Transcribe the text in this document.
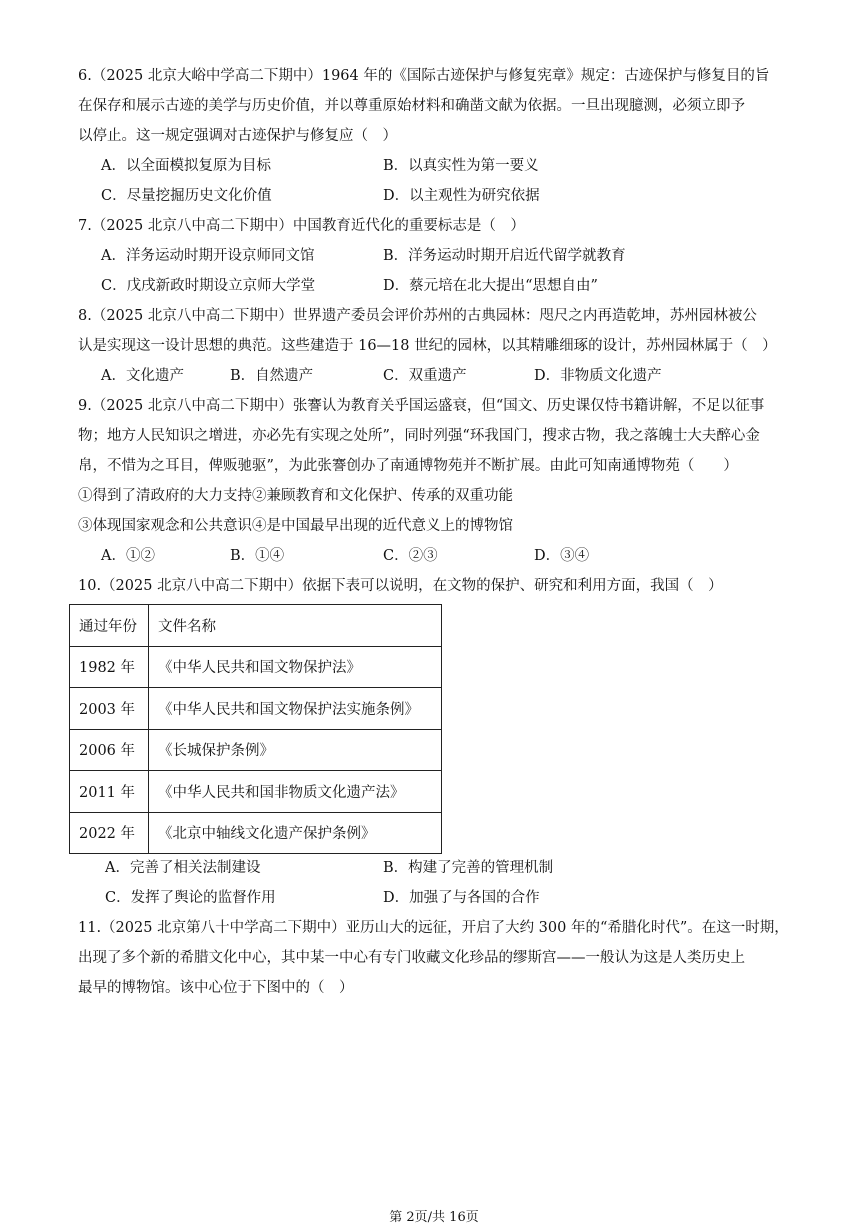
6.（2025 北京大峪中学高二下期中）1964 年的《国际古迹保护与修复宪章》规定：古迹保护与修复目的旨
在保存和展示古迹的美学与历史价值，并以尊重原始材料和确凿文献为依据。一旦出现臆测，必须立即予
以停止。这一规定强调对古迹保护与修复应（　）
A．以全面模拟复原为目标	B．以真实性为第一要义
C．尽量挖掘历史文化价值	D．以主观性为研究依据
7.（2025 北京八中高二下期中）中国教育近代化的重要标志是（　）
A．洋务运动时期开设京师同文馆	B．洋务运动时期开启近代留学就教育
C．戊戌新政时期设立京师大学堂	D．蔡元培在北大提出“思想自由”
8.（2025 北京八中高二下期中）世界遗产委员会评价苏州的古典园林：咫尺之内再造乾坤，苏州园林被公
认是实现这一设计思想的典范。这些建造于 16—18 世纪的园林，以其精雕细琢的设计，苏州园林属于（　）
A．文化遗产	B．自然遗产	C．双重遗产	D．非物质文化遗产
9.（2025 北京八中高二下期中）张謇认为教育关乎国运盛衰，但“国文、历史课仅恃书籍讲解，不足以征事
物；地方人民知识之增进，亦必先有实现之处所”，同时列强“环我国门，搜求古物，我之落魄士大夫醉心金
帛，不惜为之耳目，俾贩驰驱”，为此张謇创办了南通博物苑并不断扩展。由此可知南通博物苑（　　）
①得到了清政府的大力支持②兼顾教育和文化保护、传承的双重功能
③体现国家观念和公共意识④是中国最早出现的近代意义上的博物馆
A．①②	B．①④	C．②③	D．③④
10.（2025 北京八中高二下期中）依据下表可以说明，在文物的保护、研究和利用方面，我国（　）
通过年份	文件名称
1982 年	《中华人民共和国文物保护法》
2003 年	《中华人民共和国文物保护法实施条例》
2006 年	《长城保护条例》
2011 年	《中华人民共和国非物质文化遗产法》
2022 年	《北京中轴线文化遗产保护条例》
A．完善了相关法制建设	B．构建了完善的管理机制
C．发挥了舆论的监督作用	D．加强了与各国的合作
11.（2025 北京第八十中学高二下期中）亚历山大的远征，开启了大约 300 年的“希腊化时代”。在这一时期，
出现了多个新的希腊文化中心，其中某一中心有专门收藏文化珍品的缪斯宫——一般认为这是人类历史上
最早的博物馆。该中心位于下图中的（　）
第 2页/共 16页
